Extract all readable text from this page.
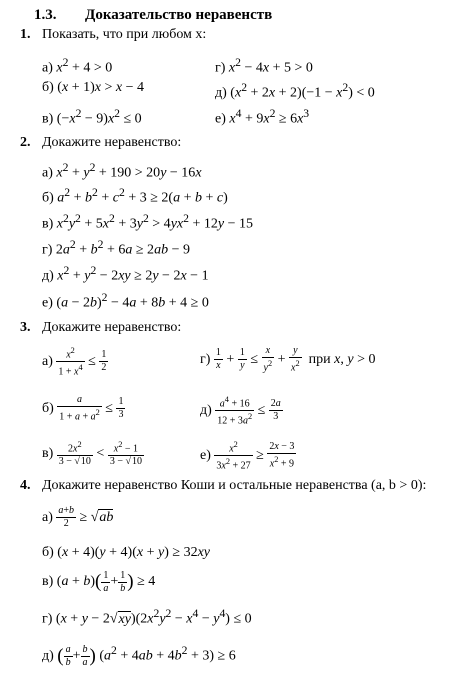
1.3. Доказательство неравенств
1. Показать, что при любом x:
а) $x^2 + 4 > 0$
б) (x + 1)x > x − 4
в) $(-x^2 - 9)x^2 \le 0$
г) $x^2 - 4x + 5 > 0$
д) $(x^2 + 2x + 2)(-1 - x^2) < 0$
е) $x^4 + 9x^2 \ge 6x^3$
2. Докажите неравенство:
а) $x^2 + y^2 + 190 > 20y - 16x$
б) $a^2 + b^2 + c^2 + 3 \ge 2(a + b + c)$
в) $x^2y^2 + 5x^2 + 3y^2 > 4yx^2 + 12y - 15$
г) $2a^2 + b^2 + 6a \ge 2ab - 9$
д) $x^2 + y^2 - 2xy \ge 2y - 2x - 1$
е) $(a - 2b)^2 - 4a + 8b + 4 \ge 0$
3. Докажите неравенство:
$а) \frac{x^2}{1 + x^4} \le \frac{1}{2}$
$б) \frac{a}{1 + a + a^2} \le \frac{1}{3}$
$в) \frac{2x^2}{3 - √10} < \frac{x^2 - 1}{3 - √10}$
$г) \frac{1}{x} + \frac{1}{y} \le \frac{x}{y^2} + \frac{y}{x^2}$ при x, y > 0
$д) \frac{a^4 + 16}{12 + 3a^2} \le \frac{2a}{3}$
$е) \frac{x^2}{3x^2 + 27} \ge \frac{2x - 3}{x^2 + 9}$
4. Докажите неравенство Коши и остальные неравенства (a, b > 0):
$а) \frac{a+b}{2} \ge √ab$
б) (x + 4)(y + 4)(x + y) ≥ 32xy
в) $(a + b)( \frac{1}{a} + \frac{1}{b}$ ) ≥ 4
г) $(x + y - 2√xy)(2x^2y^2 - x^4 - y^4) \le 0$
д) ( $\frac{a}{b} + \frac{b}{a}$ ) $(a^2 + 4ab + 4b^2 + 3) \ge 6$
